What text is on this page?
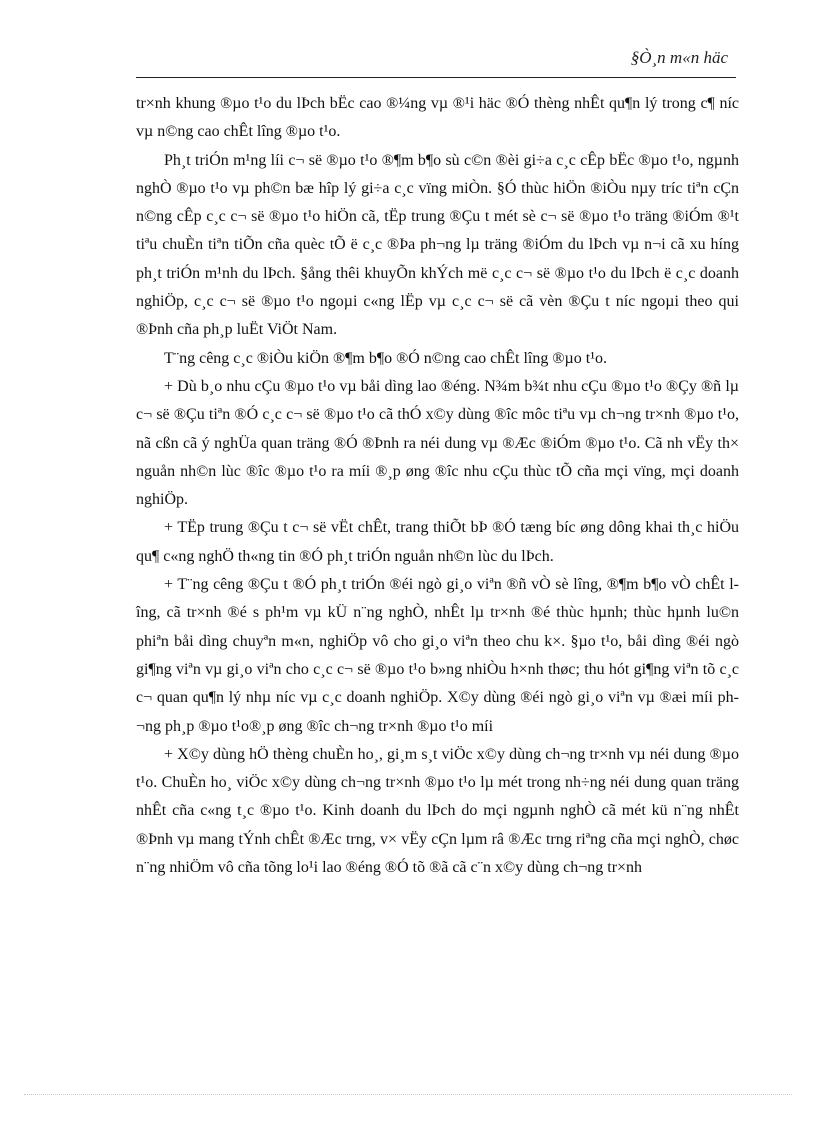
§Ò¸n m«n häc

tr×nh khung ®µo t¹o du lÞch bËc cao ®¼ng vµ ®¹i häc ®Ó thèng nhÊt qu¶n lý trong c¶ níc vµ n©ng cao chÊt lîng ®µo t¹o.

Ph¸t triÓn m¹ng líi c¬ së ®µo t¹o ®¶m b¶o sù c©n ®èi gi÷a c¸c cÊp bËc ®µo t¹o, ngµnh nghÒ ®µo t¹o vµ ph©n bæ hîp lý gi÷a c¸c vïng miÒn. §Ó thùc hiÖn ®iÒu nµy tríc tiªn cÇn n©ng cÊp c¸c c¬ së ®µo t¹o hiÖn cã, tËp trung ®Çu t mét sè c¬ së ®µo t¹o träng ®iÓm ®¹t tiªu chuÈn tiªn tiÕn cña quèc tÕ ë c¸c ®Þa ph¬ng lµ träng ®iÓm du lÞch vµ n¬i cã xu híng ph¸t triÓn m¹nh du lÞch. §ång thêi khuyÕn khÝch më c¸c c¬ së ®µo t¹o du lÞch ë c¸c doanh nghiÖp, c¸c c¬ së ®µo t¹o ngoµi c«ng lËp vµ c¸c c¬ së cã vèn ®Çu t níc ngoµi theo qui ®Þnh cña ph¸p luËt ViÖt Nam.

T¨ng cêng c¸c ®iÒu kiÖn ®¶m b¶o ®Ó n©ng cao chÊt lîng ®µo t¹o.

+ Dù b¸o nhu cÇu ®µo t¹o vµ båi dìng lao ®éng. N¾m b¾t nhu cÇu ®µo t¹o ®Çy ®ñ lµ c¬ së ®Çu tiªn ®Ó c¸c c¬ së ®µo t¹o cã thÓ x©y dùng ®îc môc tiªu vµ ch¬ng tr×nh ®µo t¹o, nã cßn cã ý nghÜa quan träng ®Ó ®Þnh ra néi dung vµ ®Æc ®iÓm ®µo t¹o. Cã nh vËy th× nguån nh©n lùc ®îc ®µo t¹o ra míi ®¸p øng ®îc nhu cÇu thùc tÕ cña mçi vïng, mçi doanh nghiÖp.

+ TËp trung ®Çu t c¬ së vËt chÊt, trang thiÕt bÞ ®Ó tæng bíc øng dông khai th¸c hiÖu qu¶ c«ng nghÖ th«ng tin ®Ó ph¸t triÓn nguån nh©n lùc du lÞch.

+ T¨ng cêng ®Çu t ®Ó ph¸t triÓn ®éi ngò gi¸o viªn ®ñ vÒ sè lîng, ®¶m b¶o vÒ chÊt lîng, cã tr×nh ®é s ph¹m vµ kÜ n¨ng nghÒ, nhÊt lµ tr×nh ®é thùc hµnh; thùc hµnh lu©n phiªn båi dìng chuyªn m«n, nghiÖp vô cho gi¸o viªn theo chu k×. §µo t¹o, båi dìng ®éi ngò gi¶ng viªn vµ gi¸o viªn cho c¸c c¬ së ®µo t¹o b»ng nhiÒu h×nh thøc; thu hót gi¶ng viªn tõ c¸c c¬ quan qu¶n lý nhµ níc vµ c¸c doanh nghiÖp. X©y dùng ®éi ngò gi¸o viªn vµ ®æi míi ph¬ng ph¸p ®µo t¹o®¸p øng ®îc ch¬ng tr×nh ®µo t¹o míi

+ X©y dùng hÖ thèng chuÈn ho¸, gi¸m s¸t viÖc x©y dùng ch¬ng tr×nh vµ néi dung ®µo t¹o. ChuÈn ho¸ viÖc x©y dùng ch¬ng tr×nh ®µo t¹o lµ mét trong nh÷ng néi dung quan träng nhÊt cña c«ng t¸c ®µo t¹o. Kinh doanh du lÞch do mçi ngµnh nghÒ cã mét kü n¨ng nhÊt ®Þnh vµ mang tÝnh chÊt ®Æc trng, v× vËy cÇn lµm râ ®Æc trng riªng cña mçi nghÒ, chøc n¨ng nhiÖm vô cña tõng lo¹i lao ®éng ®Ó tõ ®ã cã c¨n x©y dùng ch¬ng tr×nh
